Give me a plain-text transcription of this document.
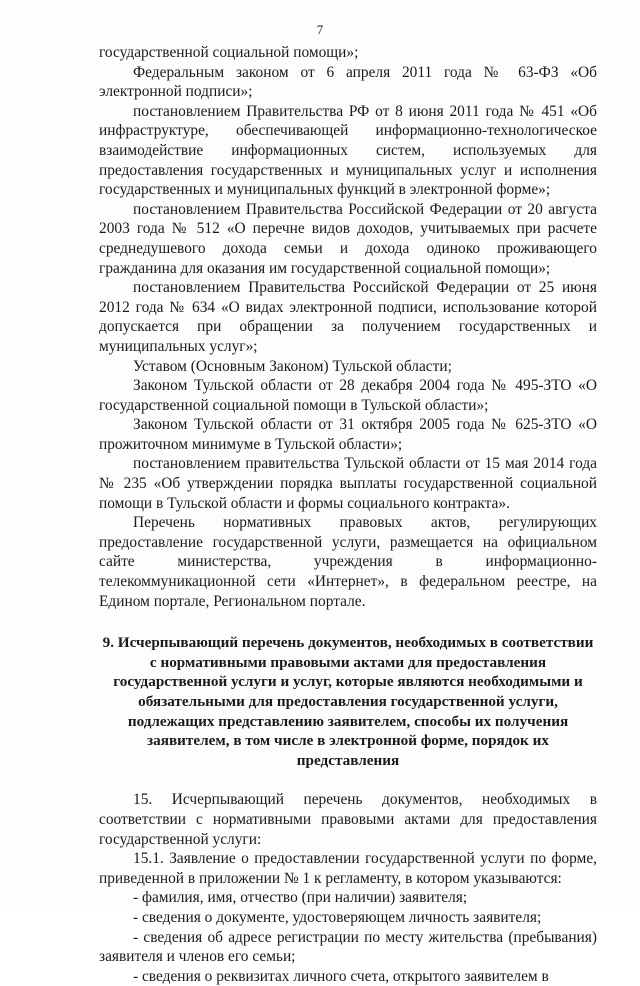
7

государственной социальной помощи»;

Федеральным законом от 6 апреля 2011 года № 63-ФЗ «Об электронной подписи»;

постановлением Правительства РФ от 8 июня 2011 года № 451 «Об инфраструктуре, обеспечивающей информационно-технологическое взаимодействие информационных систем, используемых для предоставления государственных и муниципальных услуг и исполнения государственных и муниципальных функций в электронной форме»;

постановлением Правительства Российской Федерации от 20 августа 2003 года № 512 «О перечне видов доходов, учитываемых при расчете среднедушевого дохода семьи и дохода одиноко проживающего гражданина для оказания им государственной социальной помощи»;

постановлением Правительства Российской Федерации от 25 июня 2012 года № 634 «О видах электронной подписи, использование которой допускается при обращении за получением государственных и муниципальных услуг»;

Уставом (Основным Законом) Тульской области;

Законом Тульской области от 28 декабря 2004 года № 495-ЗТО «О государственной социальной помощи в Тульской области»;

Законом Тульской области от 31 октября 2005 года № 625-ЗТО «О прожиточном минимуме в Тульской области»;

постановлением правительства Тульской области от 15 мая 2014 года № 235 «Об утверждении порядка выплаты государственной социальной помощи в Тульской области и формы социального контракта».

Перечень нормативных правовых актов, регулирующих предоставление государственной услуги, размещается на официальном сайте министерства, учреждения в информационно-телекоммуникационной сети «Интернет», в федеральном реестре, на Едином портале, Региональном портале.

9. Исчерпывающий перечень документов, необходимых в соответствии с нормативными правовыми актами для предоставления государственной услуги и услуг, которые являются необходимыми и обязательными для предоставления государственной услуги, подлежащих представлению заявителем, способы их получения заявителем, в том числе в электронной форме, порядок их представления

15. Исчерпывающий перечень документов, необходимых в соответствии с нормативными правовыми актами для предоставления государственной услуги:

15.1. Заявление о предоставлении государственной услуги по форме, приведенной в приложении № 1 к регламенту, в котором указываются:

- фамилия, имя, отчество (при наличии) заявителя;

- сведения о документе, удостоверяющем личность заявителя;

- сведения об адресе регистрации по месту жительства (пребывания) заявителя и членов его семьи;

- сведения о реквизитах личного счета, открытого заявителем в
